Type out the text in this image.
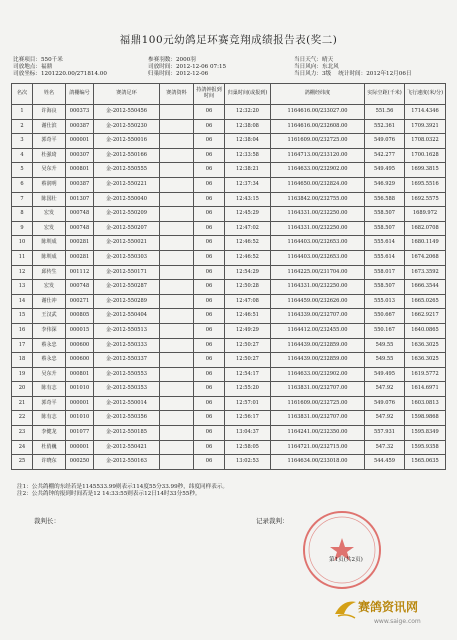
福鼎100元幼鸽足环赛竞翔成绩报告表(奖二)
比赛项目：550千米	参赛羽数：2000羽	当日天气：晴天
司放地点：福鼎	司放时间：2012-12-06 07:15	当日风向：东北风
司放坐标：1201220.00/271814.00	归巢时间：2012-12-06	当日风力：3级 统计时间：2012年12月06日
名次	姓名	鸽棚编号	赛鸽足环	赛鸽资料	持鸽钟报到时间	归巢时间(或报到)	鸽棚经纬度	实际空距(千米)	飞行速度(米/分)
1	许海良	000373	金-2012-550456		06	12:32:20	1164616.00/233027.00	551.56	1714.4346
2	谢仕滨	000387	金-2012-550230		06	12:38:08	1164616.00/232608.00	552.361	1709.3921
3	郭奇平	000001	金-2012-550016		06	12:38:04	1161609.00/232725.00	549.076	1708.0322
4	杜强琦	000307	金-2012-550166		06	12:33:58	1164713.00/233120.00	542.277	1700.1628
5	吴东升	000801	金-2012-550555		06	12:38:21	1164633.00/232902.00	549.495	1699.3815
6	蔡润明	000387	金-2012-550221		06	12:37:34	1164650.00/232824.00	546.929	1695.5516
7	陈国壮	001307	金-2012-550040		06	12:43:15	1163842.00/232755.00	556.588	1692.5575
8	宏发	000748	金-2012-550209		06	12:45:29	1164331.00/232250.00	558.507	1689.972
9	宏发	000748	金-2012-550207		06	12:47:02	1164331.00/232250.00	558.507	1682.0708
10	陈圳成	000281	金-2012-550021		06	12:46:52	1164403.00/232653.00	555.614	1680.1149
11	陈圳成	000281	金-2012-550303		06	12:46:52	1164403.00/232653.00	555.614	1674.2068
12	邱传生	001112	金-2012-550171		06	12:54:29	1164225.00/231704.00	558.017	1673.3592
13	宏发	000748	金-2012-550287		06	12:50:28	1164331.00/232250.00	558.507	1666.3544
14	谢仕冲	000271	金-2012-550289		06	12:47:08	1164459.00/232626.00	555.013	1665.0265
15	王汉武	000805	金-2012-550404		06	12:46:51	1164339.00/232707.00	550.667	1662.9217
16	李伟深	000015	金-2012-550513		06	12:49:29	1164412.00/232455.00	550.167	1640.0865
17	蔡永忠	000600	金-2012-550333		06	12:50:27	1164439.00/232859.00	549.55	1636.3025
18	蔡永忠	000600	金-2012-550337		06	12:50:27	1164439.00/232859.00	549.55	1636.3025
19	吴东升	000801	金-2012-550553		06	12:54:17	1164633.00/232902.00	549.495	1619.5772
20	陈有志	001010	金-2012-550353		06	12:55:20	1163831.00/232707.00	547.92	1614.6971
21	郭奇平	000001	金-2012-550014		06	12:57:01	1161609.00/232725.00	549.076	1603.0813
22	陈有志	001010	金-2012-550356		06	12:56:17	1163831.00/232707.00	547.92	1598.9868
23	李健龙	001077	金-2012-550185		06	13:04:37	1164241.00/232350.00	557.931	1595.8349
24	杜俏巍	000001	金-2012-550421		06	12:58:05	1164721.00/232715.00	547.32	1595.9358
25	许晓东	000250	金-2012-550163		06	13:02:53	1164634.00/233018.00	544.459	1565.0635
注1：公共鸽棚的东经若是1145533.99则表示114度55分33.99秒，纬度同样表示。
注2：公共鸽钟的报到时间若是12 14:33:55则表示12日14时33分55秒。
裁判长：	记录裁判：
第1页(共2页)
赛鸽资讯网
www.saige.com
